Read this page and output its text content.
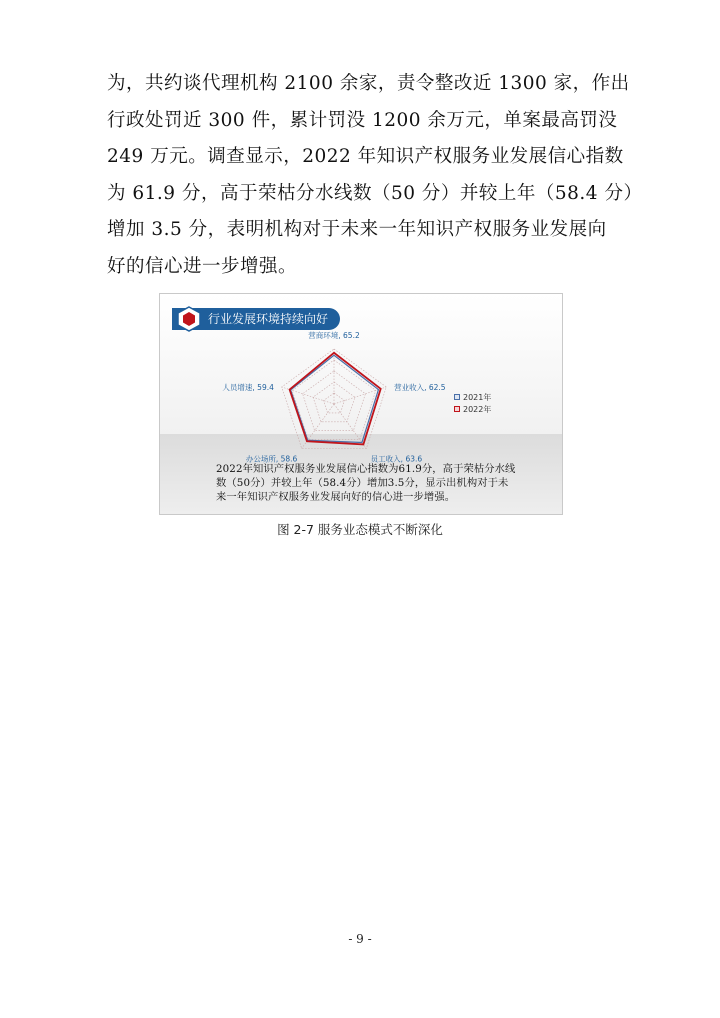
为，共约谈代理机构 2100 余家，责令整改近 1300 家，作出

行政处罚近 300 件，累计罚没 1200 余万元，单案最高罚没

249 万元。调查显示，2022 年知识产权服务业发展信心指数

为 61.9 分，高于荣枯分水线数（50 分）并较上年（58.4 分）

增加 3.5 分，表明机构对于未来一年知识产权服务业发展向

好的信心进一步增强。

行业发展环境持续向好
营商环境, 65.2
营业收入, 62.5
员工收入, 63.6
办公场所, 58.6
人员增速, 59.4
2021年
2022年
2022年知识产权服务业发展信心指数为61.9分，高于荣枯分水线
数（50分）并较上年（58.4分）增加3.5分，显示出机构对于未
来一年知识产权服务业发展向好的信心进一步增强。
图 2-7 服务业态模式不断深化
- 9 -
